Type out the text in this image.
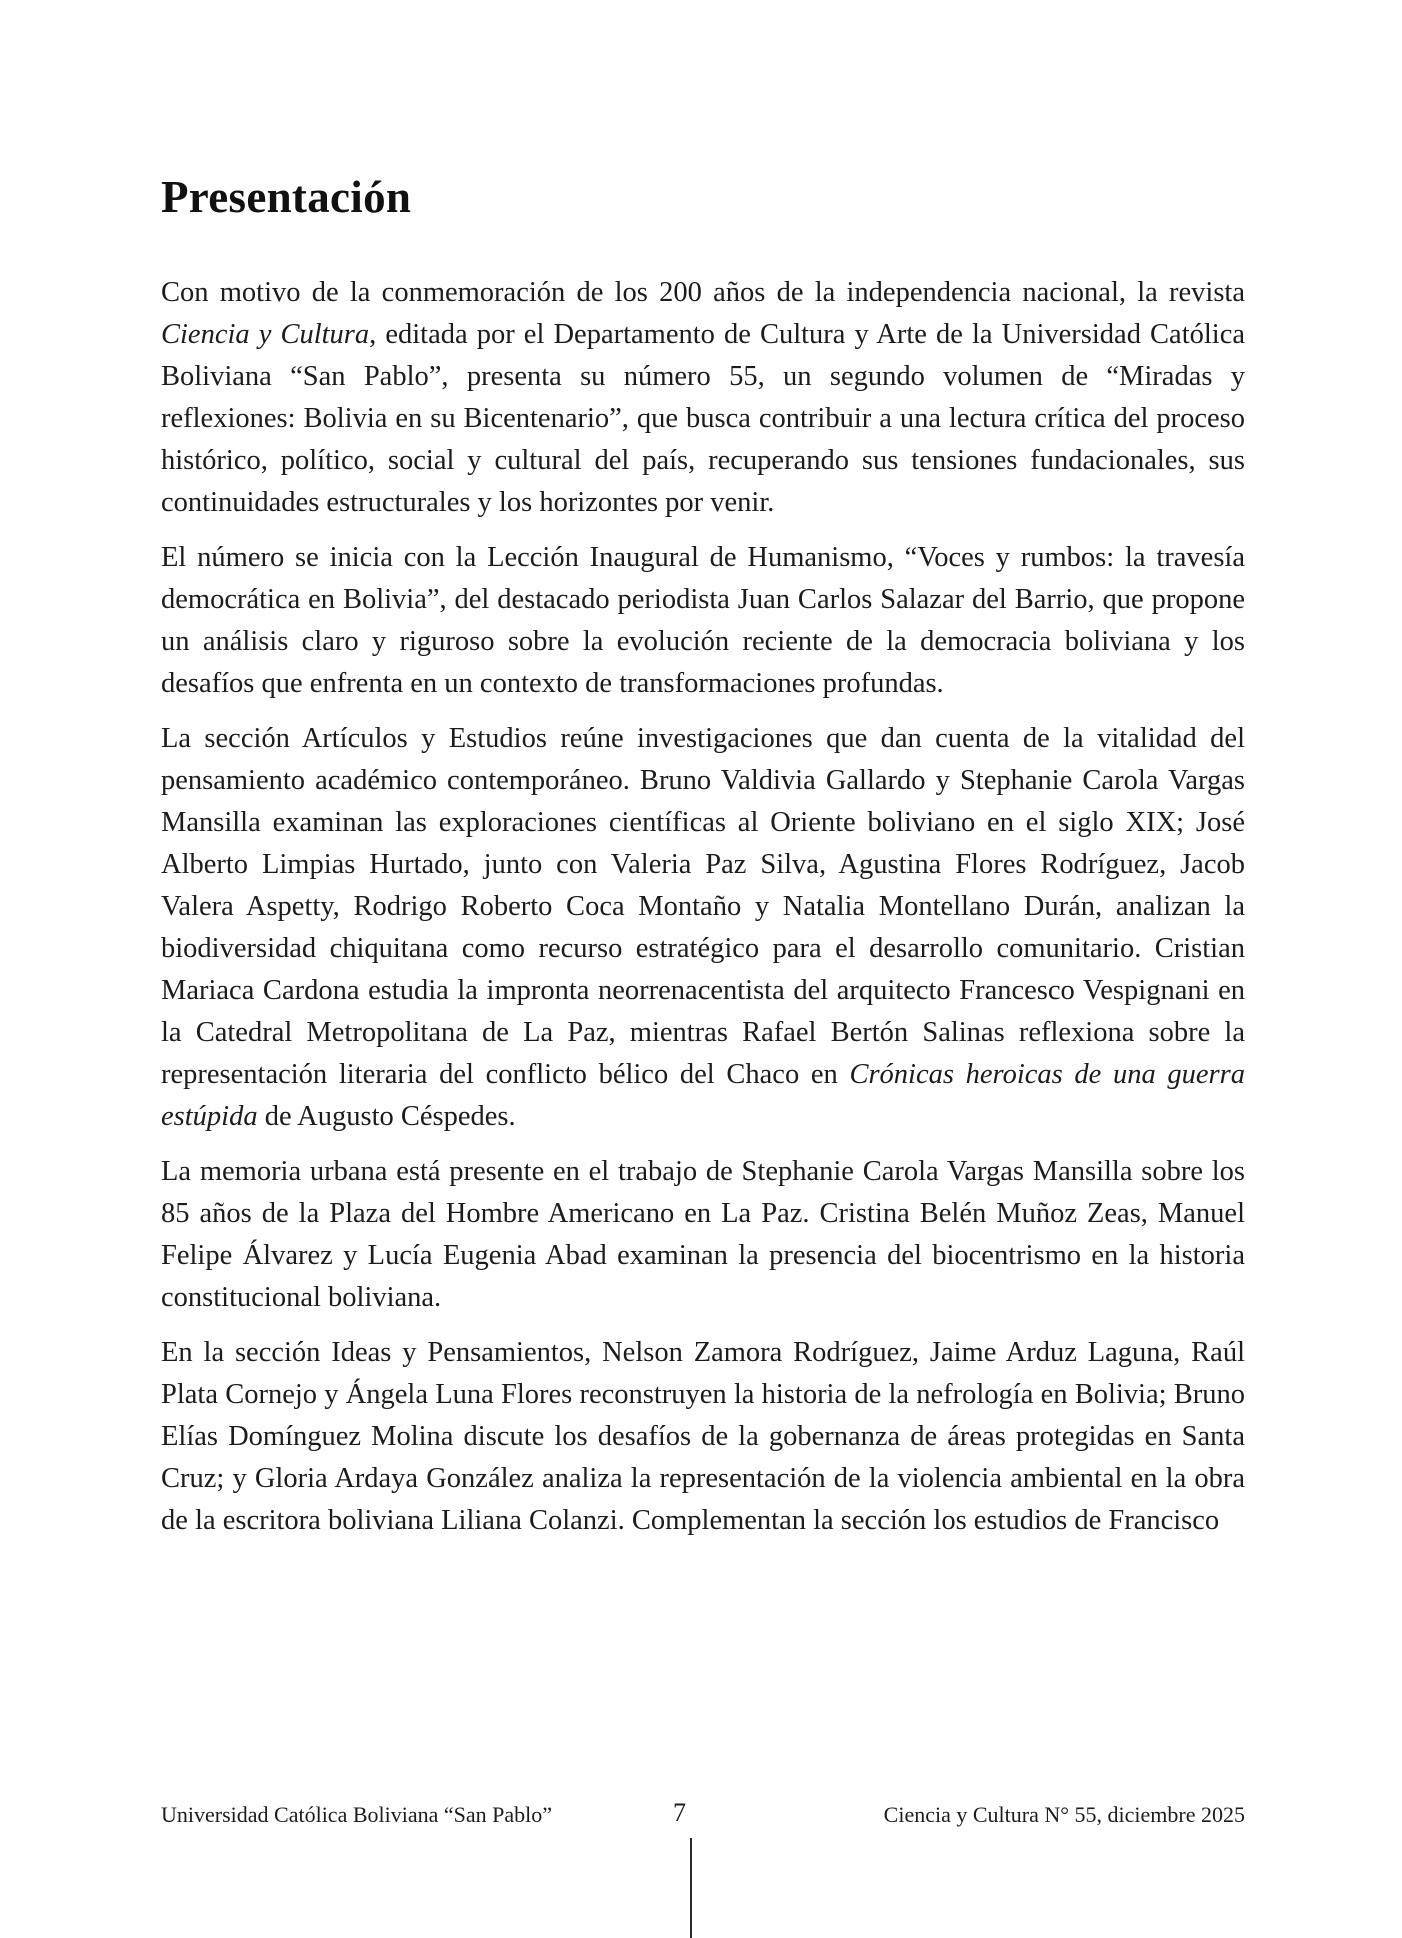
Presentación

Con motivo de la conmemoración de los 200 años de la independencia nacional, la revista Ciencia y Cultura, editada por el Departamento de Cultura y Arte de la Universidad Católica Boliviana “San Pablo”, presenta su número 55, un segundo volumen de “Miradas y reflexiones: Bolivia en su Bicentenario”, que busca contribuir a una lectura crítica del proceso histórico, político, social y cultural del país, recuperando sus tensiones fundacionales, sus continuidades estructurales y los horizontes por venir.

El número se inicia con la Lección Inaugural de Humanismo, “Voces y rumbos: la travesía democrática en Bolivia”, del destacado periodista Juan Carlos Salazar del Barrio, que propone un análisis claro y riguroso sobre la evolución reciente de la democracia boliviana y los desafíos que enfrenta en un contexto de transformaciones profundas.

La sección Artículos y Estudios reúne investigaciones que dan cuenta de la vitalidad del pensamiento académico contemporáneo. Bruno Valdivia Gallardo y Stephanie Carola Vargas Mansilla examinan las exploraciones científicas al Oriente boliviano en el siglo XIX; José Alberto Limpias Hurtado, junto con Valeria Paz Silva, Agustina Flores Rodríguez, Jacob Valera Aspetty, Rodrigo Roberto Coca Montaño y Natalia Montellano Durán, analizan la biodiversidad chiquitana como recurso estratégico para el desarrollo comunitario. Cristian Mariaca Cardona estudia la impronta neorrenacentista del arquitecto Francesco Vespignani en la Catedral Metropolitana de La Paz, mientras Rafael Bertón Salinas reflexiona sobre la representación literaria del conflicto bélico del Chaco en Crónicas heroicas de una guerra estúpida de Augusto Céspedes.

La memoria urbana está presente en el trabajo de Stephanie Carola Vargas Mansilla sobre los 85 años de la Plaza del Hombre Americano en La Paz. Cristina Belén Muñoz Zeas, Manuel Felipe Álvarez y Lucía Eugenia Abad examinan la presencia del biocentrismo en la historia constitucional boliviana.

En la sección Ideas y Pensamientos, Nelson Zamora Rodríguez, Jaime Arduz Laguna, Raúl Plata Cornejo y Ángela Luna Flores reconstruyen la historia de la nefrología en Bolivia; Bruno Elías Domínguez Molina discute los desafíos de la gobernanza de áreas protegidas en Santa Cruz; y Gloria Ardaya González analiza la representación de la violencia ambiental en la obra de la escritora boliviana Liliana Colanzi. Complementan la sección los estudios de Francisco

Universidad Católica Boliviana “San Pablo”	7	Ciencia y Cultura N° 55, diciembre 2025
